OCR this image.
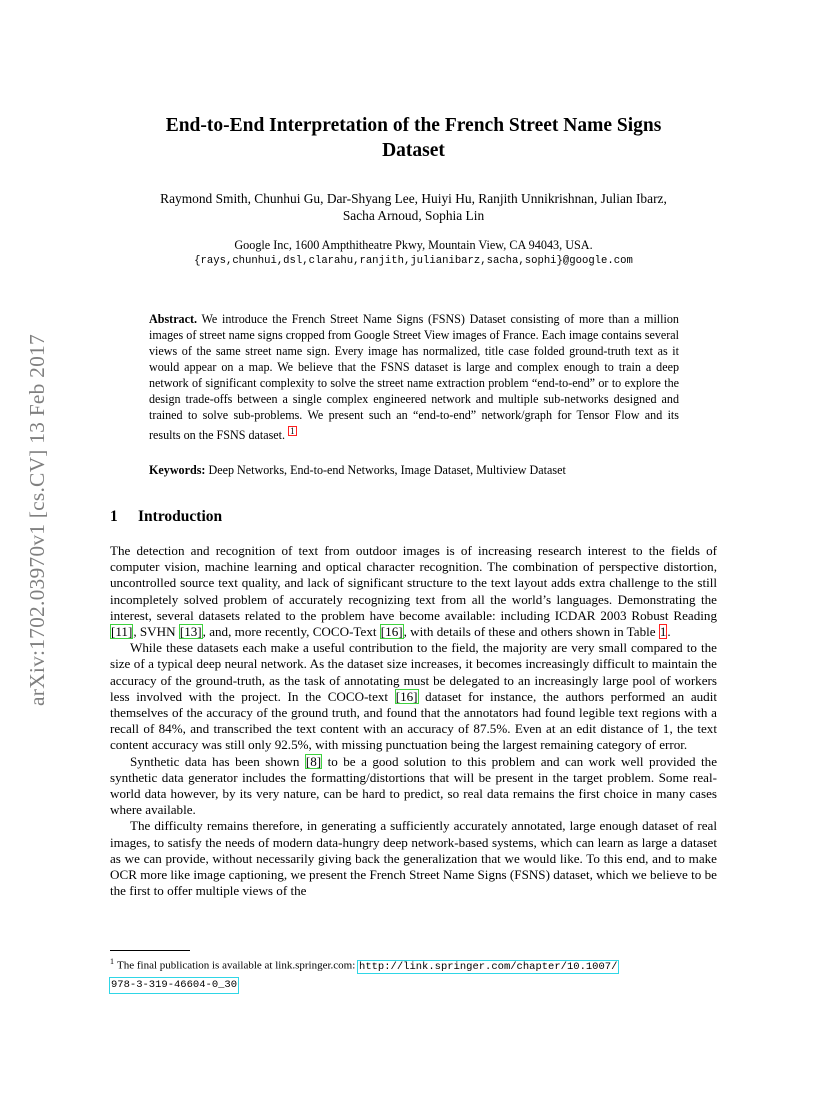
arXiv:1702.03970v1 [cs.CV] 13 Feb 2017
End-to-End Interpretation of the French Street Name Signs
Dataset
Raymond Smith, Chunhui Gu, Dar-Shyang Lee, Huiyi Hu, Ranjith Unnikrishnan, Julian Ibarz,
Sacha Arnoud, Sophia Lin
Google Inc, 1600 Ampthitheatre Pkwy, Mountain View, CA 94043, USA.
{rays,chunhui,dsl,clarahu,ranjith,julianibarz,sacha,sophi}@google.com
Abstract. We introduce the French Street Name Signs (FSNS) Dataset consisting of more than a million images of street name signs cropped from Google Street View images of France. Each image contains several views of the same street name sign. Every image has normalized, title case folded ground-truth text as it would appear on a map. We believe that the FSNS dataset is large and complex enough to train a deep network of significant complexity to solve the street name extraction problem “end-to-end” or to explore the design trade-offs between a single complex engineered network and multiple sub-networks designed and trained to solve sub-problems. We present such an “end-to-end” network/graph for Tensor Flow and its results on the FSNS dataset. $^1$
Keywords: Deep Networks, End-to-end Networks, Image Dataset, Multiview Dataset
1 Introduction

The detection and recognition of text from outdoor images is of increasing research interest to the fields of computer vision, machine learning and optical character recognition. The combination of perspective distortion, uncontrolled source text quality, and lack of significant structure to the text layout adds extra challenge to the still incompletely solved problem of accurately recognizing text from all the world’s languages. Demonstrating the interest, several datasets related to the problem have become available: including ICDAR 2003 Robust Reading [11], SVHN [13], and, more recently, COCO-Text [16], with details of these and others shown in Table 1.

While these datasets each make a useful contribution to the field, the majority are very small compared to the size of a typical deep neural network. As the dataset size increases, it becomes increasingly difficult to maintain the accuracy of the ground-truth, as the task of annotating must be delegated to an increasingly large pool of workers less involved with the project. In the COCO-text [16] dataset for instance, the authors performed an audit themselves of the accuracy of the ground truth, and found that the annotators had found legible text regions with a recall of 84%, and transcribed the text content with an accuracy of 87.5%. Even at an edit distance of 1, the text content accuracy was still only 92.5%, with missing punctuation being the largest remaining category of error.

Synthetic data has been shown [8] to be a good solution to this problem and can work well provided the synthetic data generator includes the formatting/distortions that will be present in the target problem. Some real-world data however, by its very nature, can be hard to predict, so real data remains the first choice in many cases where available.

The difficulty remains therefore, in generating a sufficiently accurately annotated, large enough dataset of real images, to satisfy the needs of modern data-hungry deep network-based systems, which can learn as large a dataset as we can provide, without necessarily giving back the generalization that we would like. To this end, and to make OCR more like image captioning, we present the French Street Name Signs (FSNS) dataset, which we believe to be the first to offer multiple views of the

$^1$ The final publication is available at link.springer.com: http://link.springer.com/chapter/10.1007/
978-3-319-46604-0_30
